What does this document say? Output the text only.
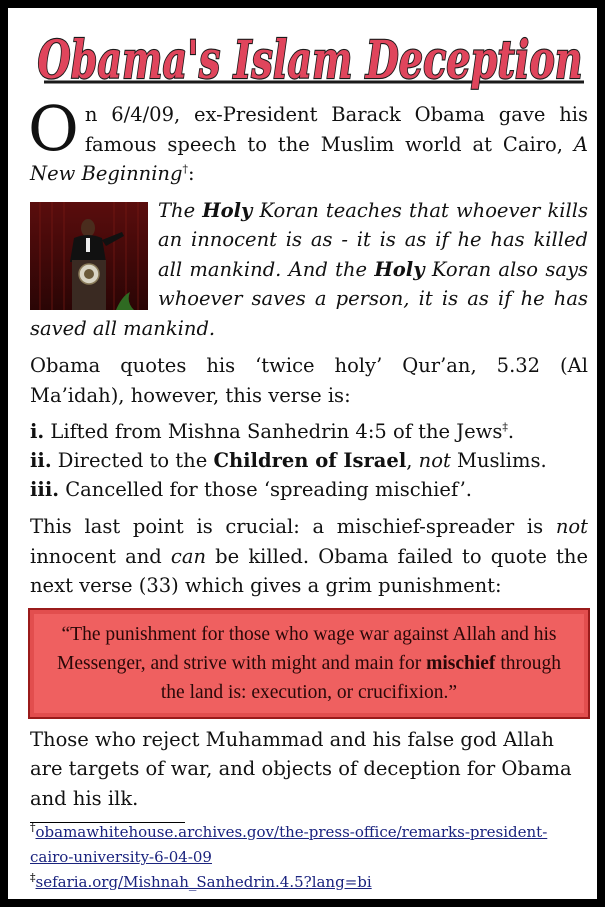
Obama's Islam Deception

On 6/4/09, ex-President Barack Obama gave his famous speech to the Muslim world at Cairo, A New Beginning†:

The Holy Koran teaches that whoever kills an innocent is as - it is as if he has killed all mankind. And the Holy Koran also says whoever saves a person, it is as if he has saved all mankind.

Obama quotes his ‘twice holy’ Qur’an, 5.32 (Al Ma’idah), however, this verse is:

i. Lifted from Mishna Sanhedrin 4:5 of the Jews‡.
ii. Directed to the Children of Israel, not Muslims.
iii. Cancelled for those ‘spreading mischief’.

This last point is crucial: a mischief-spreader is not innocent and can be killed. Obama failed to quote the next verse (33) which gives a grim punishment:

“The punishment for those who wage war against Allah and his Messenger, and strive with might and main for mischief through the land is: execution, or crucifixion.”

Those who reject Muhammad and his false god Allah are targets of war, and objects of deception for Obama and his ilk.

†obamawhitehouse.archives.gov/the-press-office/remarks-president-cairo-university-6-04-09
‡sefaria.org/Mishnah_Sanhedrin.4.5?lang=bi
